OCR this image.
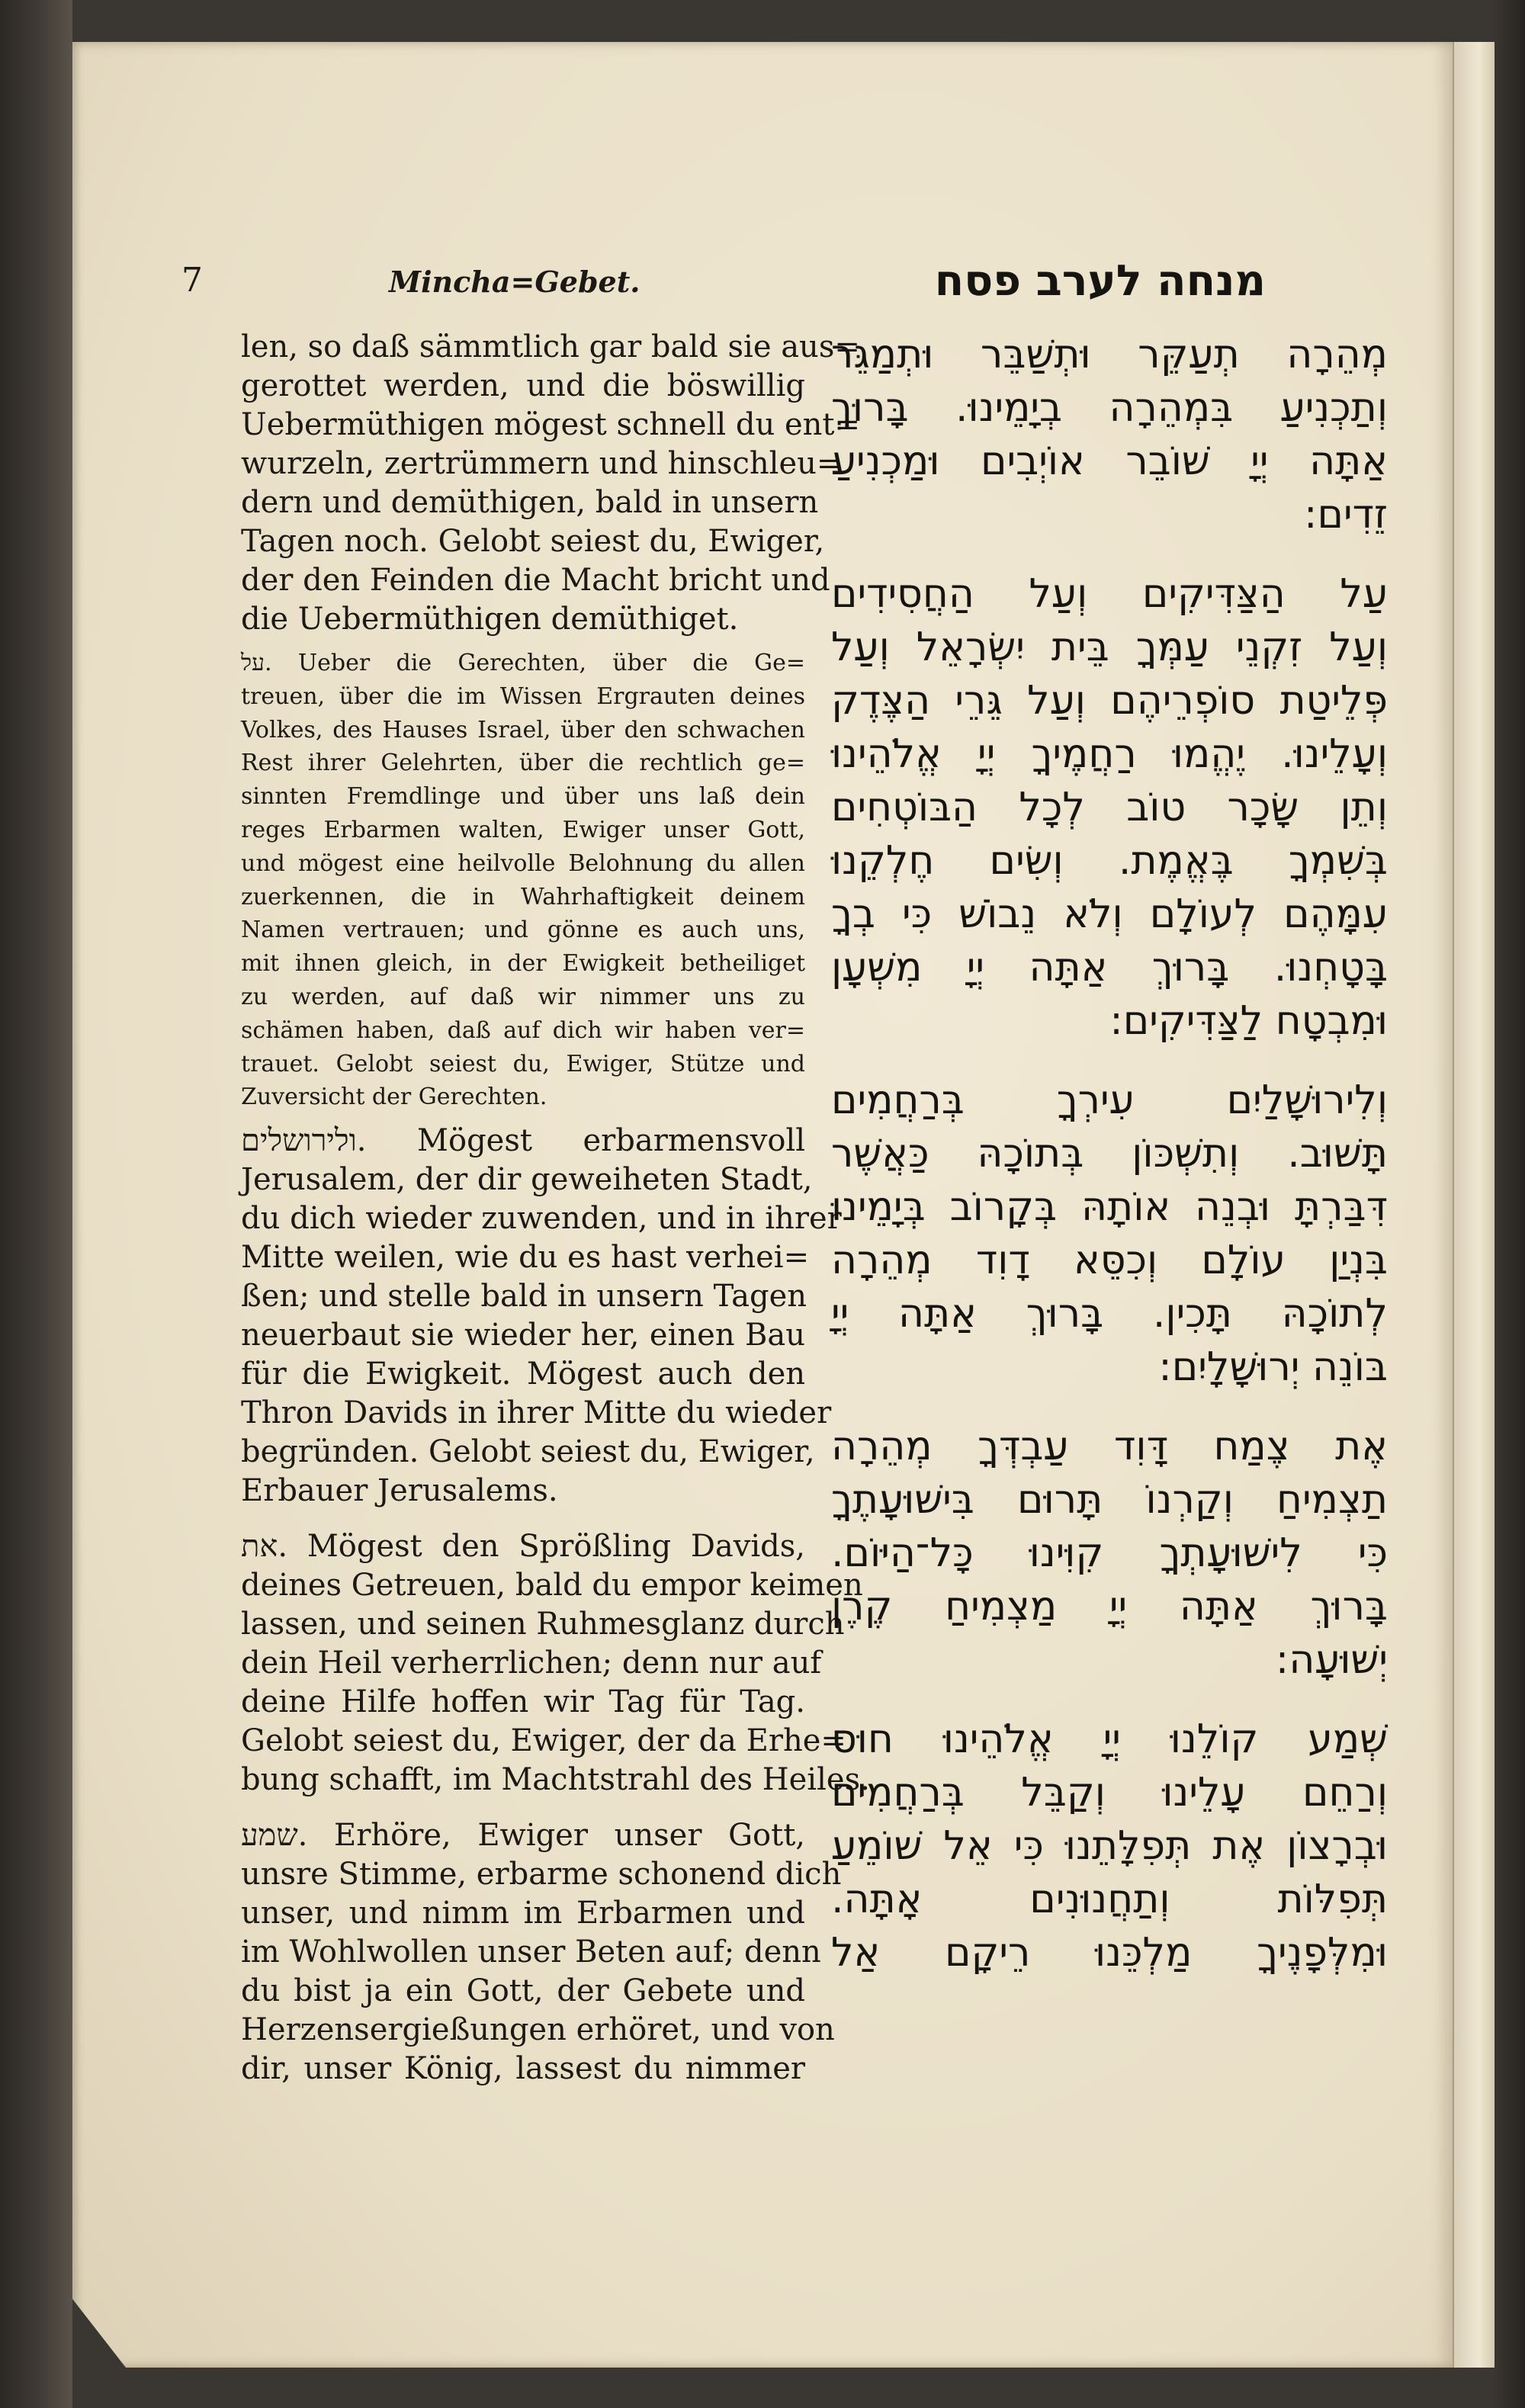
7	Mincha=Gebet.	מנחה לערב פסח
len, so daß sämmtlich gar bald sie aus=
gerottet werden, und die böswillig
Uebermüthigen mögest schnell du ent=
wurzeln, zertrümmern und hinschleu=
dern und demüthigen, bald in unsern
Tagen noch. Gelobt seiest du, Ewiger,
der den Feinden die Macht bricht und
die Uebermüthigen demüthiget.
על. Ueber die Gerechten, über die Ge=
treuen, über die im Wissen Ergrauten deines
Volkes, des Hauses Israel, über den schwachen
Rest ihrer Gelehrten, über die rechtlich ge=
sinnten Fremdlinge und über uns laß dein
reges Erbarmen walten, Ewiger unser Gott,
und mögest eine heilvolle Belohnung du allen
zuerkennen, die in Wahrhaftigkeit deinem
Namen vertrauen; und gönne es auch uns,
mit ihnen gleich, in der Ewigkeit betheiliget
zu werden, auf daß wir nimmer uns zu
schämen haben, daß auf dich wir haben ver=
trauet. Gelobt seiest du, Ewiger, Stütze und
Zuversicht der Gerechten.
ולירושלים. Mögest erbarmensvoll
Jerusalem, der dir geweiheten Stadt,
du dich wieder zuwenden, und in ihrer
Mitte weilen, wie du es hast verhei=
ßen; und stelle bald in unsern Tagen
neuerbaut sie wieder her, einen Bau
für die Ewigkeit. Mögest auch den
Thron Davids in ihrer Mitte du wieder
begründen. Gelobt seiest du, Ewiger,
Erbauer Jerusalems.
את. Mögest den Sprößling Davids,
deines Getreuen, bald du empor keimen
lassen, und seinen Ruhmesglanz durch
dein Heil verherrlichen; denn nur auf
deine Hilfe hoffen wir Tag für Tag.
Gelobt seiest du, Ewiger, der da Erhe=
bung schafft, im Machtstrahl des Heiles.
שמע. Erhöre, Ewiger unser Gott,
unsre Stimme, erbarme schonend dich
unser, und nimm im Erbarmen und
im Wohlwollen unser Beten auf; denn
du bist ja ein Gott, der Gebete und
Herzensergießungen erhöret, und von
dir, unser König, lassest du nimmer
מְהֵרָה תְעַקֵּר וּתְשַׁבֵּר וּתְמַגֵּר
וְתַכְנִיעַ בִּמְהֵרָה בְיָמֵינוּ. בָּרוּךְ
אַתָּה יְיָ שׁוֹבֵר אוֹיְבִים וּמַכְנִיעַ
זֵדִים:
עַל הַצַּדִּיקִים וְעַל הַחֲסִידִים
וְעַל זִקְנֵי עַמְּךָ בֵּית יִשְׂרָאֵל וְעַל
פְּלֵיטַת סוֹפְרֵיהֶם וְעַל גֵּרֵי הַצֶּדֶק
וְעָלֵינוּ. יֶהֱמוּ רַחֲמֶיךָ יְיָ אֱלֹהֵינוּ
וְתֵן שָׂכָר טוֹב לְכָל הַבּוֹטְחִים
בְּשִׁמְךָ בֶּאֱמֶת. וְשִׂים חֶלְקֵנוּ
עִמָּהֶם לְעוֹלָם וְלֹא נֵבוֹשׁ כִּי בְךָ
בָּטָחְנוּ. בָּרוּךְ אַתָּה יְיָ מִשְׁעָן
וּמִבְטָח לַצַּדִּיקִים:
וְלִירוּשָׁלַיִם עִירְךָ בְּרַחֲמִים
תָּשׁוּב. וְתִשְׁכּוֹן בְּתוֹכָהּ כַּאֲשֶׁר
דִּבַּרְתָּ וּבְנֵה אוֹתָהּ בְּקָרוֹב בְּיָמֵינוּ
בִּנְיַן עוֹלָם וְכִסֵּא דָוִד מְהֵרָה
לְתוֹכָהּ תָּכִין. בָּרוּךְ אַתָּה יְיָ
בּוֹנֵה יְרוּשָׁלָיִם:
אֶת צֶמַח דָּוִד עַבְדְּךָ מְהֵרָה
תַצְמִיחַ וְקַרְנוֹ תָּרוּם בִּישׁוּעָתֶךָ
כִּי לִישׁוּעָתְךָ קִוִּינוּ כָּל־הַיּוֹם.
בָּרוּךְ אַתָּה יְיָ מַצְמִיחַ קֶרֶן
יְשׁוּעָה:
שְׁמַע קוֹלֵנוּ יְיָ אֱלֹהֵינוּ חוּס
וְרַחֵם עָלֵינוּ וְקַבֵּל בְּרַחֲמִים
וּבְרָצוֹן אֶת תְּפִלָּתֵנוּ כִּי אֵל שׁוֹמֵעַ
תְּפִלּוֹת וְתַחֲנוּנִים אָתָּה.
וּמִלְּפָנֶיךָ מַלְכֵּנוּ רֵיקָם אַל
